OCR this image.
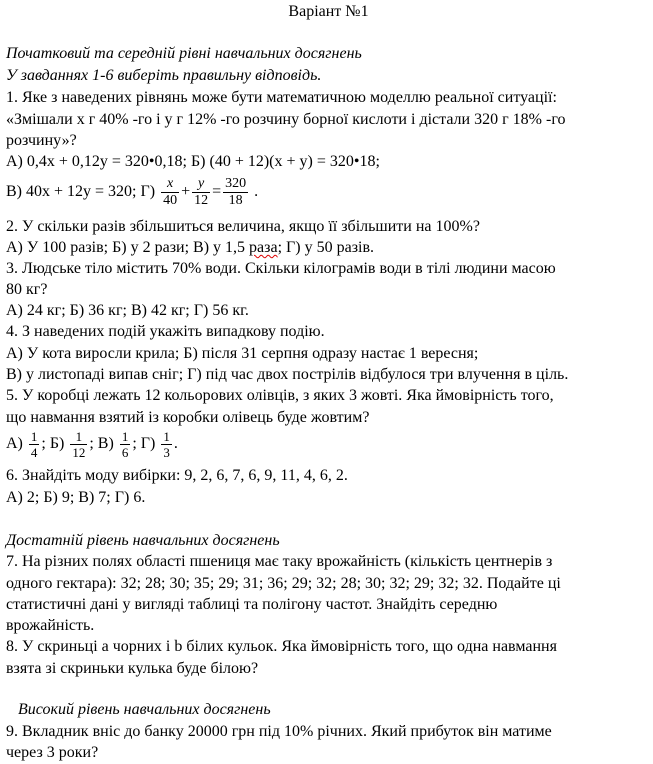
Варіант №1
Початковий та середній рівні навчальних досягнень
У завданнях 1-6 виберіть правильну відповідь.
1. Яке з наведених рівнянь може бути математичною моделлю реальної ситуації:
«Змішали x г 40% -го і y г 12% -го розчину борної кислоти і дістали 320 г 18% -го
розчину»?
А) 0,4x + 0,12y = 320•0,18; Б) (40 + 12)(x + y) = 320•18;
В) 40x + 12y = 320; $Г) \frac{x}{40} + \frac{y}{12} = \frac{320}{18}$ .
2. У скільки разів збільшиться величина, якщо її збільшити на 100%?
А) У 100 разів; Б) у 2 рази; В) у 1,5 раза; Г) у 50 разів.
3. Людське тіло містить 70% води. Скільки кілограмів води в тілі людини масою
80 кг?
А) 24 кг; Б) 36 кг; В) 42 кг; Г) 56 кг.
4. З наведених подій укажіть випадкову подію.
А) У кота виросли крила; Б) після 31 серпня одразу настає 1 вересня;
В) у листопаді випав сніг; Г) під час двох пострілів відбулося три влучення в ціль.
5. У коробці лежать 12 кольорових олівців, з яких 3 жовті. Яка ймовірність того,
що навмання взятий із коробки олівець буде жовтим?
$А) \frac{1}{4}$ ; $Б) \frac{1}{12}$ ; $В) \frac{1}{6}$ ; $Г) \frac{1}{3}$ .
6. Знайдіть моду вибірки: 9, 2, 6, 7, 6, 9, 11, 4, 6, 2.
А) 2; Б) 9; В) 7; Г) 6.
Достатній рівень навчальних досягнень
7. На різних полях області пшениця має таку врожайність (кількість центнерів з
одного гектара): 32; 28; 30; 35; 29; 31; 36; 29; 32; 28; 30; 32; 29; 32; 32. Подайте ці
статистичні дані у вигляді таблиці та полігону частот. Знайдіть середню
врожайність.
8. У скриньці a чорних і b білих кульок. Яка ймовірність того, що одна навмання
взята зі скриньки кулька буде білою?
Високий рівень навчальних досягнень
9. Вкладник вніс до банку 20000 грн під 10% річних. Який прибуток він матиме
через 3 роки?
